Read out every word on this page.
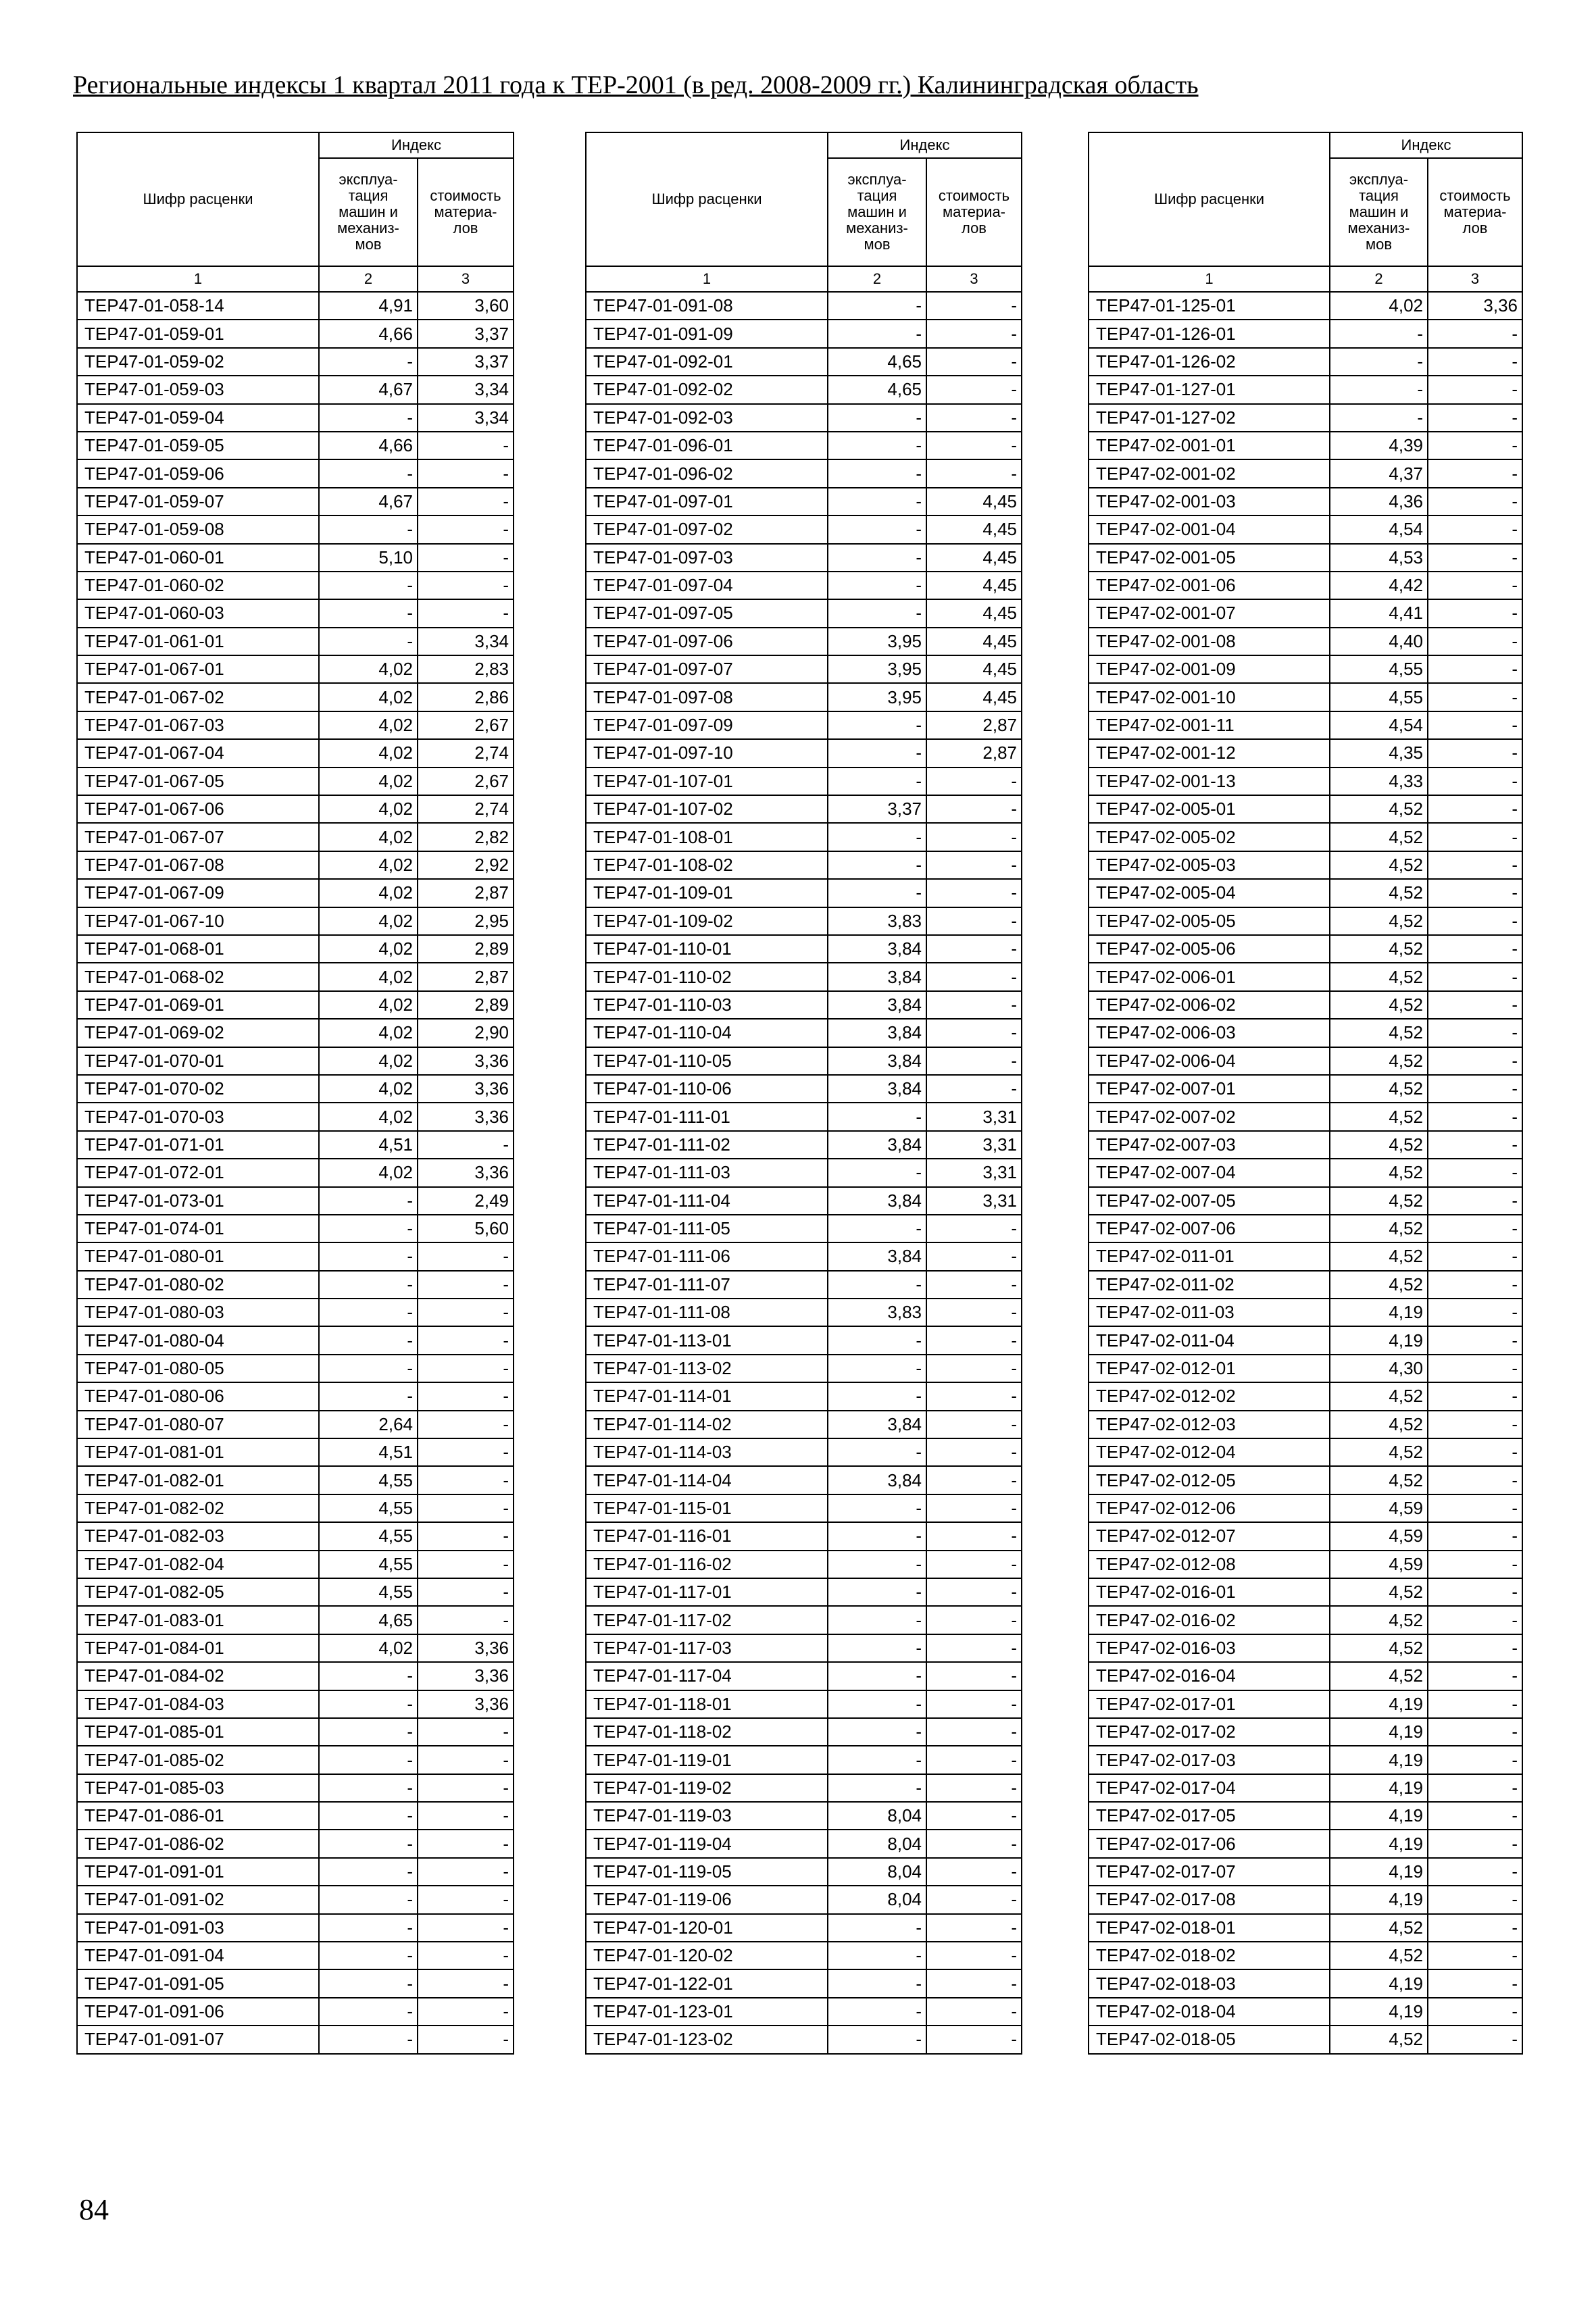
Региональные индексы 1 квартал 2011 года к ТЕР-2001 (в ред. 2008-2009 гг.) Калининградская область
Шифр расценки	Индекс	
	эксплуа-
тация
машин и
механиз-
мов	стоимость
материа-
лов
1	2	3
ТЕР47-01-058-14	4,91	3,60
ТЕР47-01-059-01	4,66	3,37
ТЕР47-01-059-02	-	3,37
ТЕР47-01-059-03	4,67	3,34
ТЕР47-01-059-04	-	3,34
ТЕР47-01-059-05	4,66	-
ТЕР47-01-059-06	-	-
ТЕР47-01-059-07	4,67	-
ТЕР47-01-059-08	-	-
ТЕР47-01-060-01	5,10	-
ТЕР47-01-060-02	-	-
ТЕР47-01-060-03	-	-
ТЕР47-01-061-01	-	3,34
ТЕР47-01-067-01	4,02	2,83
ТЕР47-01-067-02	4,02	2,86
ТЕР47-01-067-03	4,02	2,67
ТЕР47-01-067-04	4,02	2,74
ТЕР47-01-067-05	4,02	2,67
ТЕР47-01-067-06	4,02	2,74
ТЕР47-01-067-07	4,02	2,82
ТЕР47-01-067-08	4,02	2,92
ТЕР47-01-067-09	4,02	2,87
ТЕР47-01-067-10	4,02	2,95
ТЕР47-01-068-01	4,02	2,89
ТЕР47-01-068-02	4,02	2,87
ТЕР47-01-069-01	4,02	2,89
ТЕР47-01-069-02	4,02	2,90
ТЕР47-01-070-01	4,02	3,36
ТЕР47-01-070-02	4,02	3,36
ТЕР47-01-070-03	4,02	3,36
ТЕР47-01-071-01	4,51	-
ТЕР47-01-072-01	4,02	3,36
ТЕР47-01-073-01	-	2,49
ТЕР47-01-074-01	-	5,60
ТЕР47-01-080-01	-	-
ТЕР47-01-080-02	-	-
ТЕР47-01-080-03	-	-
ТЕР47-01-080-04	-	-
ТЕР47-01-080-05	-	-
ТЕР47-01-080-06	-	-
ТЕР47-01-080-07	2,64	-
ТЕР47-01-081-01	4,51	-
ТЕР47-01-082-01	4,55	-
ТЕР47-01-082-02	4,55	-
ТЕР47-01-082-03	4,55	-
ТЕР47-01-082-04	4,55	-
ТЕР47-01-082-05	4,55	-
ТЕР47-01-083-01	4,65	-
ТЕР47-01-084-01	4,02	3,36
ТЕР47-01-084-02	-	3,36
ТЕР47-01-084-03	-	3,36
ТЕР47-01-085-01	-	-
ТЕР47-01-085-02	-	-
ТЕР47-01-085-03	-	-
ТЕР47-01-086-01	-	-
ТЕР47-01-086-02	-	-
ТЕР47-01-091-01	-	-
ТЕР47-01-091-02	-	-
ТЕР47-01-091-03	-	-
ТЕР47-01-091-04	-	-
ТЕР47-01-091-05	-	-
ТЕР47-01-091-06	-	-
ТЕР47-01-091-07	-	-
Шифр расценки	Индекс	
	эксплуа-
тация
машин и
механиз-
мов	стоимость
материа-
лов
1	2	3
ТЕР47-01-091-08	-	-
ТЕР47-01-091-09	-	-
ТЕР47-01-092-01	4,65	-
ТЕР47-01-092-02	4,65	-
ТЕР47-01-092-03	-	-
ТЕР47-01-096-01	-	-
ТЕР47-01-096-02	-	-
ТЕР47-01-097-01	-	4,45
ТЕР47-01-097-02	-	4,45
ТЕР47-01-097-03	-	4,45
ТЕР47-01-097-04	-	4,45
ТЕР47-01-097-05	-	4,45
ТЕР47-01-097-06	3,95	4,45
ТЕР47-01-097-07	3,95	4,45
ТЕР47-01-097-08	3,95	4,45
ТЕР47-01-097-09	-	2,87
ТЕР47-01-097-10	-	2,87
ТЕР47-01-107-01	-	-
ТЕР47-01-107-02	3,37	-
ТЕР47-01-108-01	-	-
ТЕР47-01-108-02	-	-
ТЕР47-01-109-01	-	-
ТЕР47-01-109-02	3,83	-
ТЕР47-01-110-01	3,84	-
ТЕР47-01-110-02	3,84	-
ТЕР47-01-110-03	3,84	-
ТЕР47-01-110-04	3,84	-
ТЕР47-01-110-05	3,84	-
ТЕР47-01-110-06	3,84	-
ТЕР47-01-111-01	-	3,31
ТЕР47-01-111-02	3,84	3,31
ТЕР47-01-111-03	-	3,31
ТЕР47-01-111-04	3,84	3,31
ТЕР47-01-111-05	-	-
ТЕР47-01-111-06	3,84	-
ТЕР47-01-111-07	-	-
ТЕР47-01-111-08	3,83	-
ТЕР47-01-113-01	-	-
ТЕР47-01-113-02	-	-
ТЕР47-01-114-01	-	-
ТЕР47-01-114-02	3,84	-
ТЕР47-01-114-03	-	-
ТЕР47-01-114-04	3,84	-
ТЕР47-01-115-01	-	-
ТЕР47-01-116-01	-	-
ТЕР47-01-116-02	-	-
ТЕР47-01-117-01	-	-
ТЕР47-01-117-02	-	-
ТЕР47-01-117-03	-	-
ТЕР47-01-117-04	-	-
ТЕР47-01-118-01	-	-
ТЕР47-01-118-02	-	-
ТЕР47-01-119-01	-	-
ТЕР47-01-119-02	-	-
ТЕР47-01-119-03	8,04	-
ТЕР47-01-119-04	8,04	-
ТЕР47-01-119-05	8,04	-
ТЕР47-01-119-06	8,04	-
ТЕР47-01-120-01	-	-
ТЕР47-01-120-02	-	-
ТЕР47-01-122-01	-	-
ТЕР47-01-123-01	-	-
ТЕР47-01-123-02	-	-
Шифр расценки	Индекс	
	эксплуа-
тация
машин и
механиз-
мов	стоимость
материа-
лов
1	2	3
ТЕР47-01-125-01	4,02	3,36
ТЕР47-01-126-01	-	-
ТЕР47-01-126-02	-	-
ТЕР47-01-127-01	-	-
ТЕР47-01-127-02	-	-
ТЕР47-02-001-01	4,39	-
ТЕР47-02-001-02	4,37	-
ТЕР47-02-001-03	4,36	-
ТЕР47-02-001-04	4,54	-
ТЕР47-02-001-05	4,53	-
ТЕР47-02-001-06	4,42	-
ТЕР47-02-001-07	4,41	-
ТЕР47-02-001-08	4,40	-
ТЕР47-02-001-09	4,55	-
ТЕР47-02-001-10	4,55	-
ТЕР47-02-001-11	4,54	-
ТЕР47-02-001-12	4,35	-
ТЕР47-02-001-13	4,33	-
ТЕР47-02-005-01	4,52	-
ТЕР47-02-005-02	4,52	-
ТЕР47-02-005-03	4,52	-
ТЕР47-02-005-04	4,52	-
ТЕР47-02-005-05	4,52	-
ТЕР47-02-005-06	4,52	-
ТЕР47-02-006-01	4,52	-
ТЕР47-02-006-02	4,52	-
ТЕР47-02-006-03	4,52	-
ТЕР47-02-006-04	4,52	-
ТЕР47-02-007-01	4,52	-
ТЕР47-02-007-02	4,52	-
ТЕР47-02-007-03	4,52	-
ТЕР47-02-007-04	4,52	-
ТЕР47-02-007-05	4,52	-
ТЕР47-02-007-06	4,52	-
ТЕР47-02-011-01	4,52	-
ТЕР47-02-011-02	4,52	-
ТЕР47-02-011-03	4,19	-
ТЕР47-02-011-04	4,19	-
ТЕР47-02-012-01	4,30	-
ТЕР47-02-012-02	4,52	-
ТЕР47-02-012-03	4,52	-
ТЕР47-02-012-04	4,52	-
ТЕР47-02-012-05	4,52	-
ТЕР47-02-012-06	4,59	-
ТЕР47-02-012-07	4,59	-
ТЕР47-02-012-08	4,59	-
ТЕР47-02-016-01	4,52	-
ТЕР47-02-016-02	4,52	-
ТЕР47-02-016-03	4,52	-
ТЕР47-02-016-04	4,52	-
ТЕР47-02-017-01	4,19	-
ТЕР47-02-017-02	4,19	-
ТЕР47-02-017-03	4,19	-
ТЕР47-02-017-04	4,19	-
ТЕР47-02-017-05	4,19	-
ТЕР47-02-017-06	4,19	-
ТЕР47-02-017-07	4,19	-
ТЕР47-02-017-08	4,19	-
ТЕР47-02-018-01	4,52	-
ТЕР47-02-018-02	4,52	-
ТЕР47-02-018-03	4,19	-
ТЕР47-02-018-04	4,19	-
ТЕР47-02-018-05	4,52	-
84
